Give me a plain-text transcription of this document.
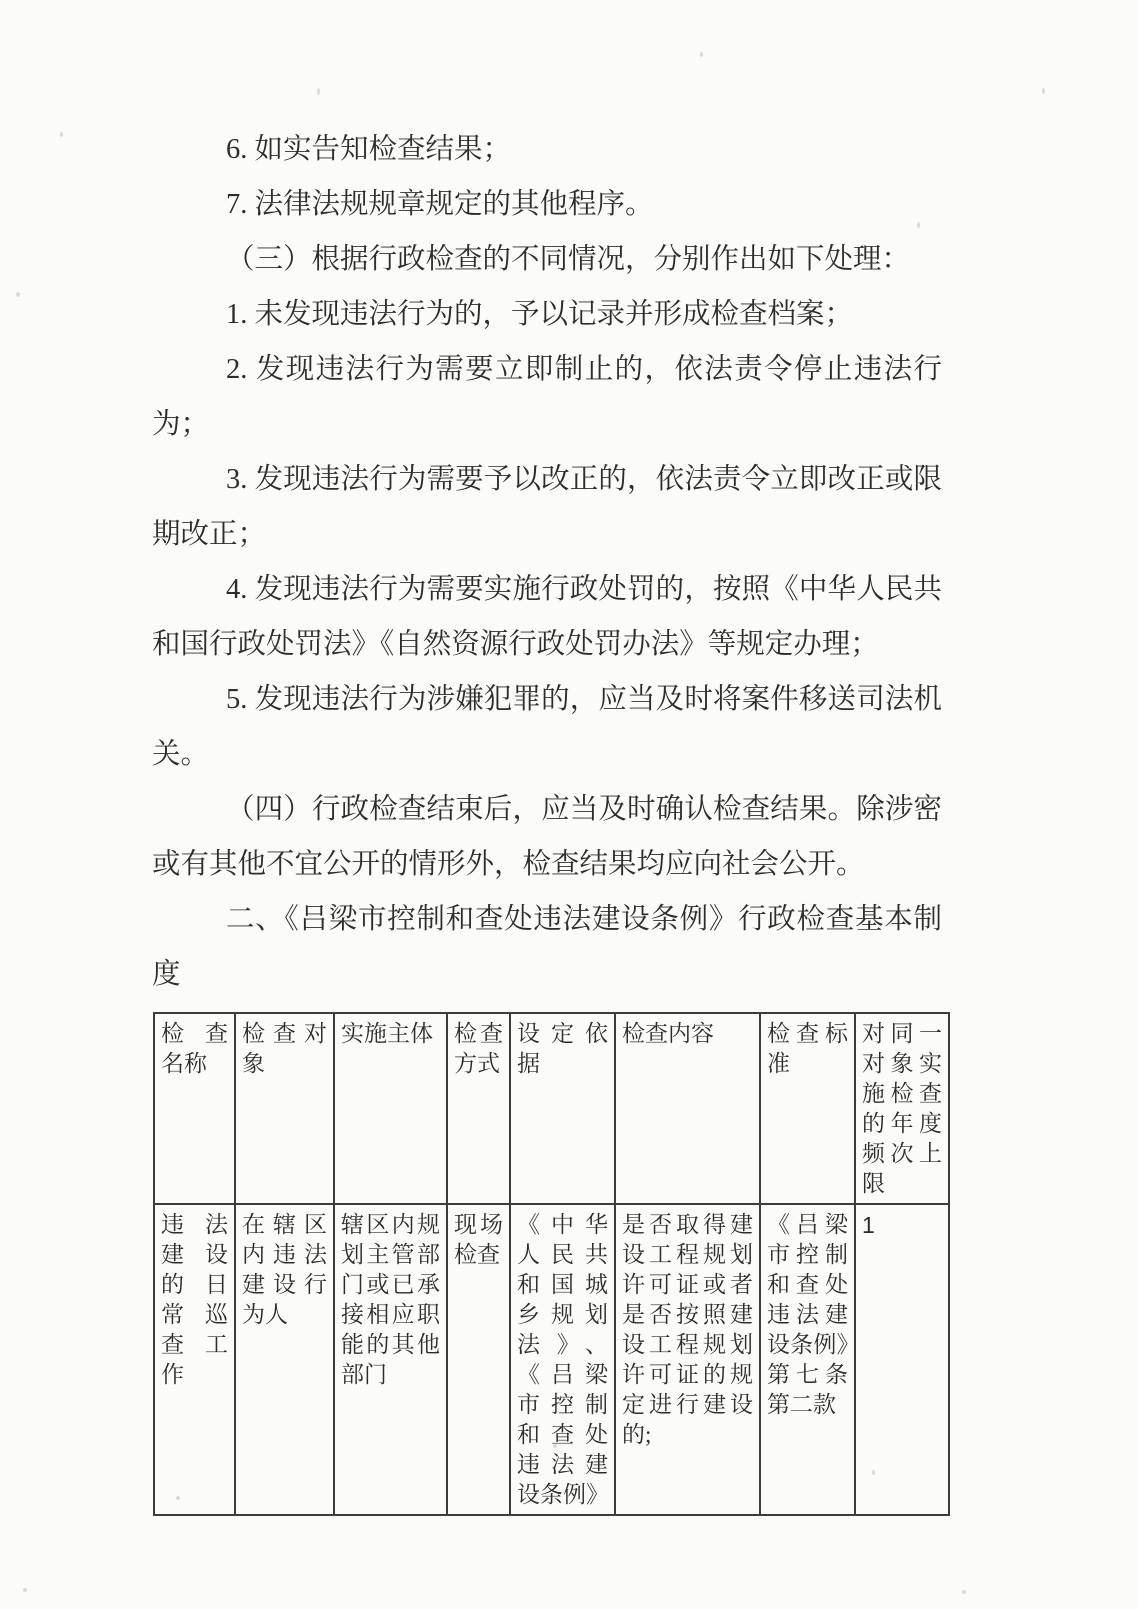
6. 如实告知检查结果；

7. 法律法规规章规定的其他程序。

（三）根据行政检查的不同情况，分别作出如下处理：

1. 未发现违法行为的，予以记录并形成检查档案；

2. 发现违法行为需要立即制止的，依法责令停止违法行为；

3. 发现违法行为需要予以改正的，依法责令立即改正或限期改正；

4. 发现违法行为需要实施行政处罚的，按照《中华人民共和国行政处罚法》《自然资源行政处罚办法》等规定办理；

5. 发现违法行为涉嫌犯罪的，应当及时将案件移送司法机关。

（四）行政检查结束后，应当及时确认检查结果。除涉密或有其他不宜公开的情形外，检查结果均应向社会公开。

二、《吕梁市控制和查处违法建设条例》行政检查基本制度

检查名称	检查对象	实施主体	检查方式	设定依据	检查内容	检查标准	对同一对象实施检查的年度频次上限
违法建设的日常巡查工作	在辖区内违法建设行为人	辖区内规划主管部门或已承接相应职能的其他部门	现场检查	《中华人民共和国城乡规划法》、《吕梁市控制和查处违法建设条例》	是否取得建设工程规划许可证或者是否按照建设工程规划许可证的规定进行建设的;	《吕梁市控制和查处违法建设条例》第七条第二款	1
